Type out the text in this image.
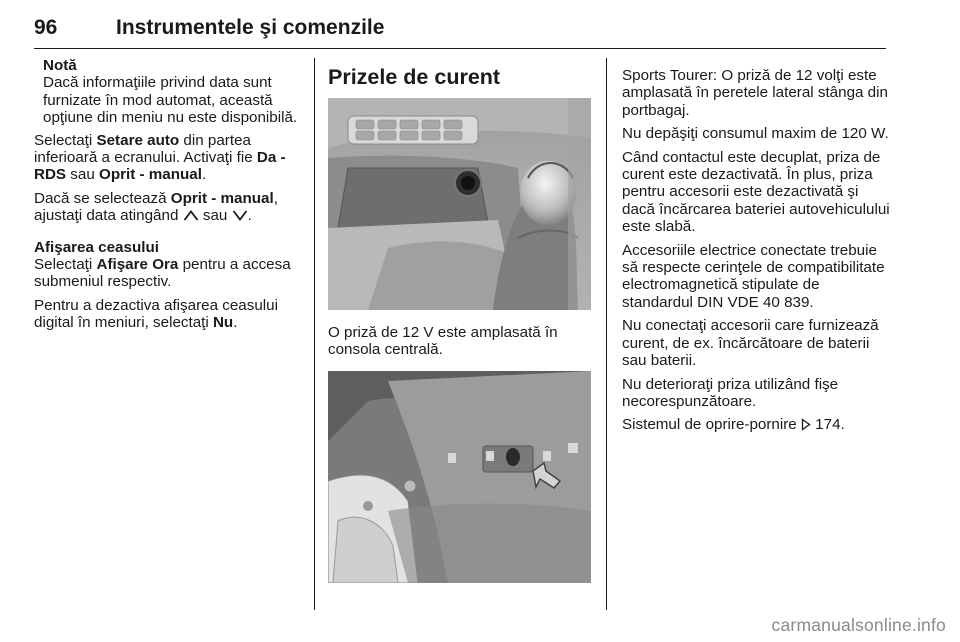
96	Instrumentele şi comenzile
Notă
Dacă informaţiile privind data sunt furnizate în mod automat, această opţiune din meniu nu este disponibilă.

Selectaţi Setare auto din partea inferioară a ecranului. Activaţi fie Da - RDS sau Oprit - manual.

Dacă se selectează Oprit - manual, ajustaţi data atingând  sau .

Afişarea ceasului

Selectaţi Afişare Ora pentru a accesa submeniul respectiv.

Pentru a dezactiva afişarea ceasului digital în meniuri, selectaţi Nu.

Prizele de curent

O priză de 12 V este amplasată în consola centrală.

Sports Tourer: O priză de 12 volţi este amplasată în peretele lateral stânga din portbagaj.

Nu depăşiţi consumul maxim de 120 W.

Când contactul este decuplat, priza de curent este dezactivată. În plus, priza pentru accesorii este dezactivată şi dacă încărcarea bateriei autovehiculului este slabă.

Accesoriile electrice conectate trebuie să respecte cerinţele de compatibilitate electromagnetică stipulate de standardul DIN VDE 40 839.

Nu conectaţi accesorii care furnizează curent, de ex. încărcătoare de baterii sau baterii.

Nu deterioraţi priza utilizând fişe necorespunzătoare.

Sistemul de oprire-pornire  174.

carmanualsonline.info
